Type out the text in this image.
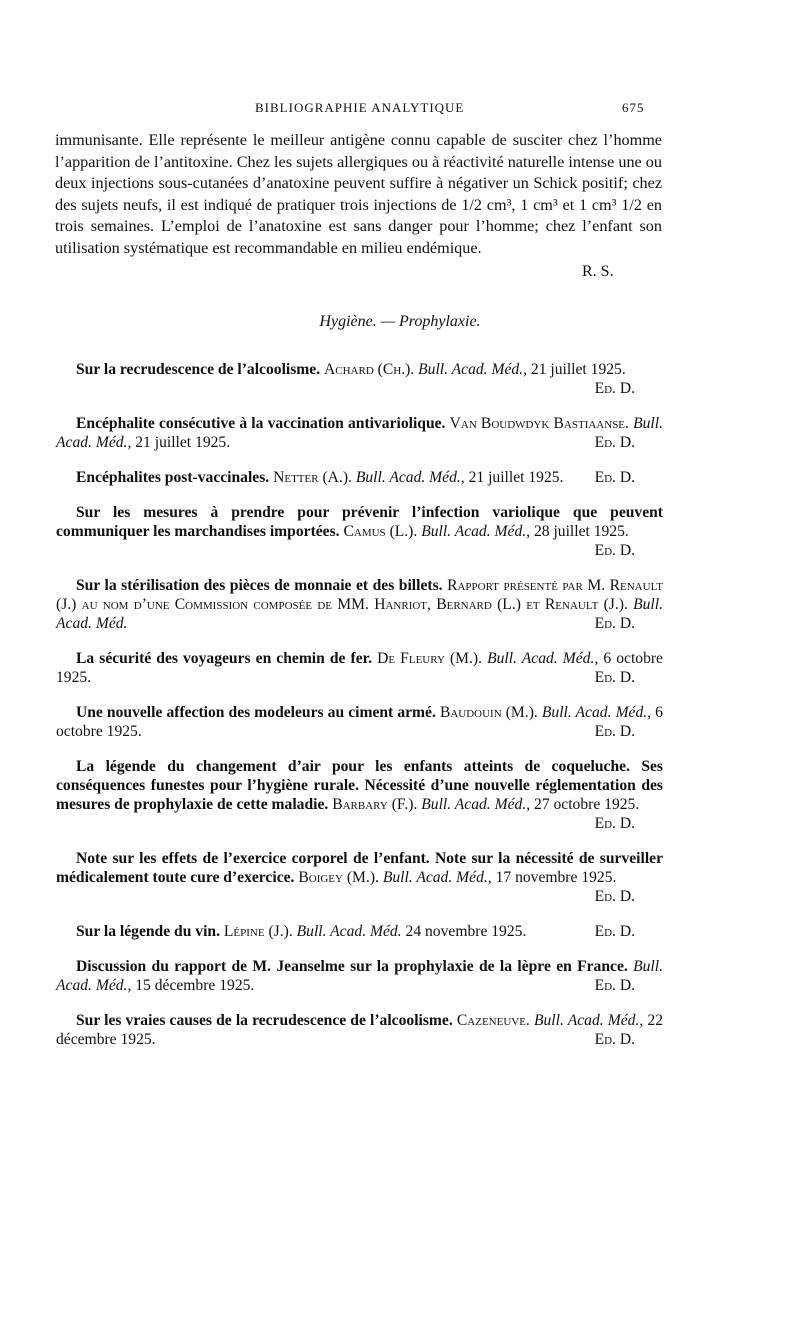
BIBLIOGRAPHIE ANALYTIQUE	675
immunisante. Elle représente le meilleur antigène connu capable de susciter chez l’homme l’apparition de l’antitoxine. Chez les sujets allergiques ou à réactivité naturelle intense une ou deux injections sous-cutanées d’anatoxine peuvent suffire à négativer un Schick positif; chez des sujets neufs, il est indiqué de pratiquer trois injections de 1/2 cm³, 1 cm³ et 1 cm³ 1/2 en trois semaines. L’emploi de l’anatoxine est sans danger pour l’homme; chez l’enfant son utilisation systématique est recommandable en milieu endémique.
R. S.
Hygiène. — Prophylaxie.
Sur la recrudescence de l’alcoolisme. Achard (Ch.). Bull. Acad. Méd., 21 juillet 1925.
Ed. D.
Encéphalite consécutive à la vaccination antivariolique. Van Boudwdyk Bastiaanse. Bull. Acad. Méd., 21 juillet 1925.	Ed. D.
Encéphalites post-vaccinales. Netter (A.). Bull. Acad. Méd., 21 juillet 1925.	Ed. D.
Sur les mesures à prendre pour prévenir l’infection variolique que peuvent communiquer les marchandises importées. Camus (L.). Bull. Acad. Méd., 28 juillet 1925.
Ed. D.
Sur la stérilisation des pièces de monnaie et des billets. Rapport présenté par M. Renault (J.) au nom d’une Commission composée de MM. Hanriot, Bernard (L.) et Renault (J.). Bull. Acad. Méd.	Ed. D.
La sécurité des voyageurs en chemin de fer. De Fleury (M.). Bull. Acad. Méd., 6 octobre 1925.	Ed. D.
Une nouvelle affection des modeleurs au ciment armé. Baudouin (M.). Bull. Acad. Méd., 6 octobre 1925.	Ed. D.
La légende du changement d’air pour les enfants atteints de coqueluche. Ses conséquences funestes pour l’hygiène rurale. Nécessité d’une nouvelle réglementation des mesures de prophylaxie de cette maladie. Barbary (F.). Bull. Acad. Méd., 27 octobre 1925.
Ed. D.
Note sur les effets de l’exercice corporel de l’enfant. Note sur la nécessité de surveiller médicalement toute cure d’exercice. Boigey (M.). Bull. Acad. Méd., 17 novembre 1925.
Ed. D.
Sur la légende du vin. Lépine (J.). Bull. Acad. Méd. 24 novembre 1925.	Ed. D.
Discussion du rapport de M. Jeanselme sur la prophylaxie de la lèpre en France. Bull. Acad. Méd., 15 décembre 1925.	Ed. D.
Sur les vraies causes de la recrudescence de l’alcoolisme. Cazeneuve. Bull. Acad. Méd., 22 décembre 1925.	Ed. D.
